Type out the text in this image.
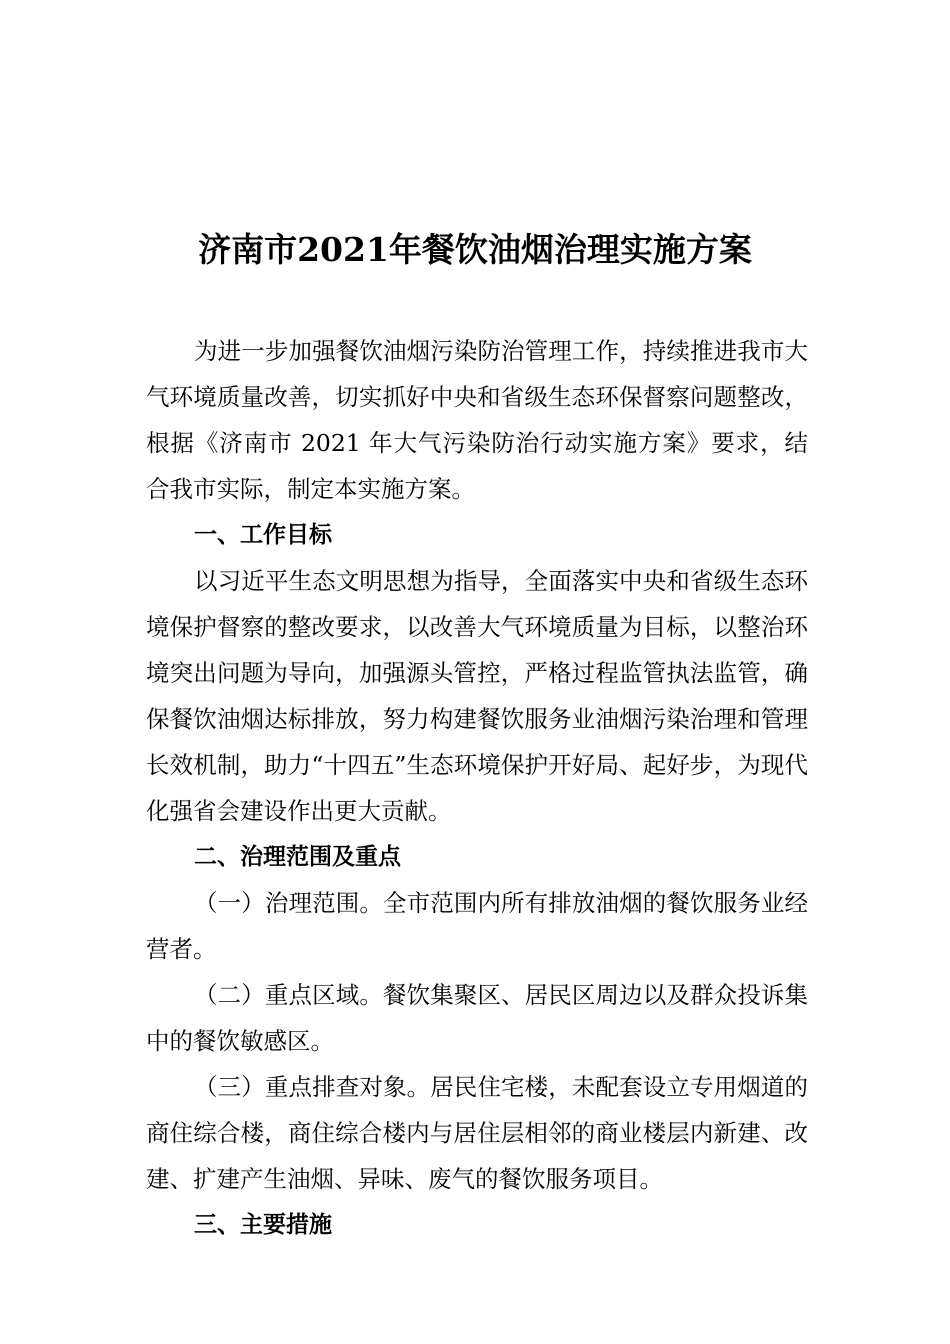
济南市2021年餐饮油烟治理实施方案

为进一步加强餐饮油烟污染防治管理工作，持续推进我市大气环境质量改善，切实抓好中央和省级生态环保督察问题整改，根据《济南市 2021 年大气污染防治行动实施方案》要求，结合我市实际，制定本实施方案。

一、工作目标

以习近平生态文明思想为指导，全面落实中央和省级生态环境保护督察的整改要求，以改善大气环境质量为目标，以整治环境突出问题为导向，加强源头管控，严格过程监管执法监管，确保餐饮油烟达标排放，努力构建餐饮服务业油烟污染治理和管理长效机制，助力“十四五”生态环境保护开好局、起好步，为现代化强省会建设作出更大贡献。

二、治理范围及重点

（一）治理范围。全市范围内所有排放油烟的餐饮服务业经营者。

（二）重点区域。餐饮集聚区、居民区周边以及群众投诉集中的餐饮敏感区。

（三）重点排查对象。居民住宅楼，未配套设立专用烟道的商住综合楼，商住综合楼内与居住层相邻的商业楼层内新建、改建、扩建产生油烟、异味、废气的餐饮服务项目。

三、主要措施
